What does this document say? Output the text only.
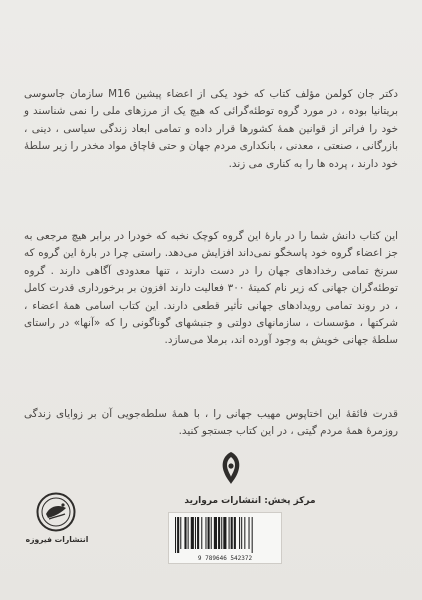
دکتر جان کولمن مؤلف کتاب که خود یکی از اعضاء پیشین M16 سازمان جاسوسی بریتانیا بوده ، در مورد گروه توطئه‌گرائی که هیچ یک از مرزهای ملی را نمی شناسند و خود را فراتر از قوانین همهٔ کشورها قرار داده و تمامی ابعاد زندگی سیاسی ، دینی ، بازرگانی ، صنعتی ، معدنی ، بانکداری مردم جهان و حتی قاچاق مواد مخدر را زیر سلطهٔ خود دارند ، پرده ها را به کناری می زند.
این کتاب دانش شما را در بارهٔ این گروه کوچک نخبه که خودرا در برابر هیچ مرجعی به جز اعضاء گروه خود پاسخگو نمی‌داند افزایش می‌دهد. راستی چرا در بارهٔ این گروه که سرنخ تمامی رخدادهای جهان را در دست دارند ، تنها معدودی آگاهی دارند . گروه توطئه‌گران جهانی که زیر نام کمیتهٔ ۳۰۰ فعالیت دارند افزون بر برخورداری قدرت کامل ، در روند تمامی رویدادهای جهانی تأثیر قطعی دارند. این کتاب اسامی همهٔ اعضاء ، شرکتها ، مؤسسات ، سازمانهای دولتی و جنبشهای گوناگونی را که «آنها» در راستای سلطهٔ جهانی خویش به وجود آورده اند، برملا می‌سازد.
قدرت فائقهٔ این اختاپوس مهیب جهانی را ، با همهٔ سلطه‌جویی آن بر زوایای زندگی روزمرهٔ همهٔ مردم گیتی ، در این کتاب جستجو کنید.
مرکز پخش: انتشارات مروارید
انتشارات فیروزه
9 789646 542372
